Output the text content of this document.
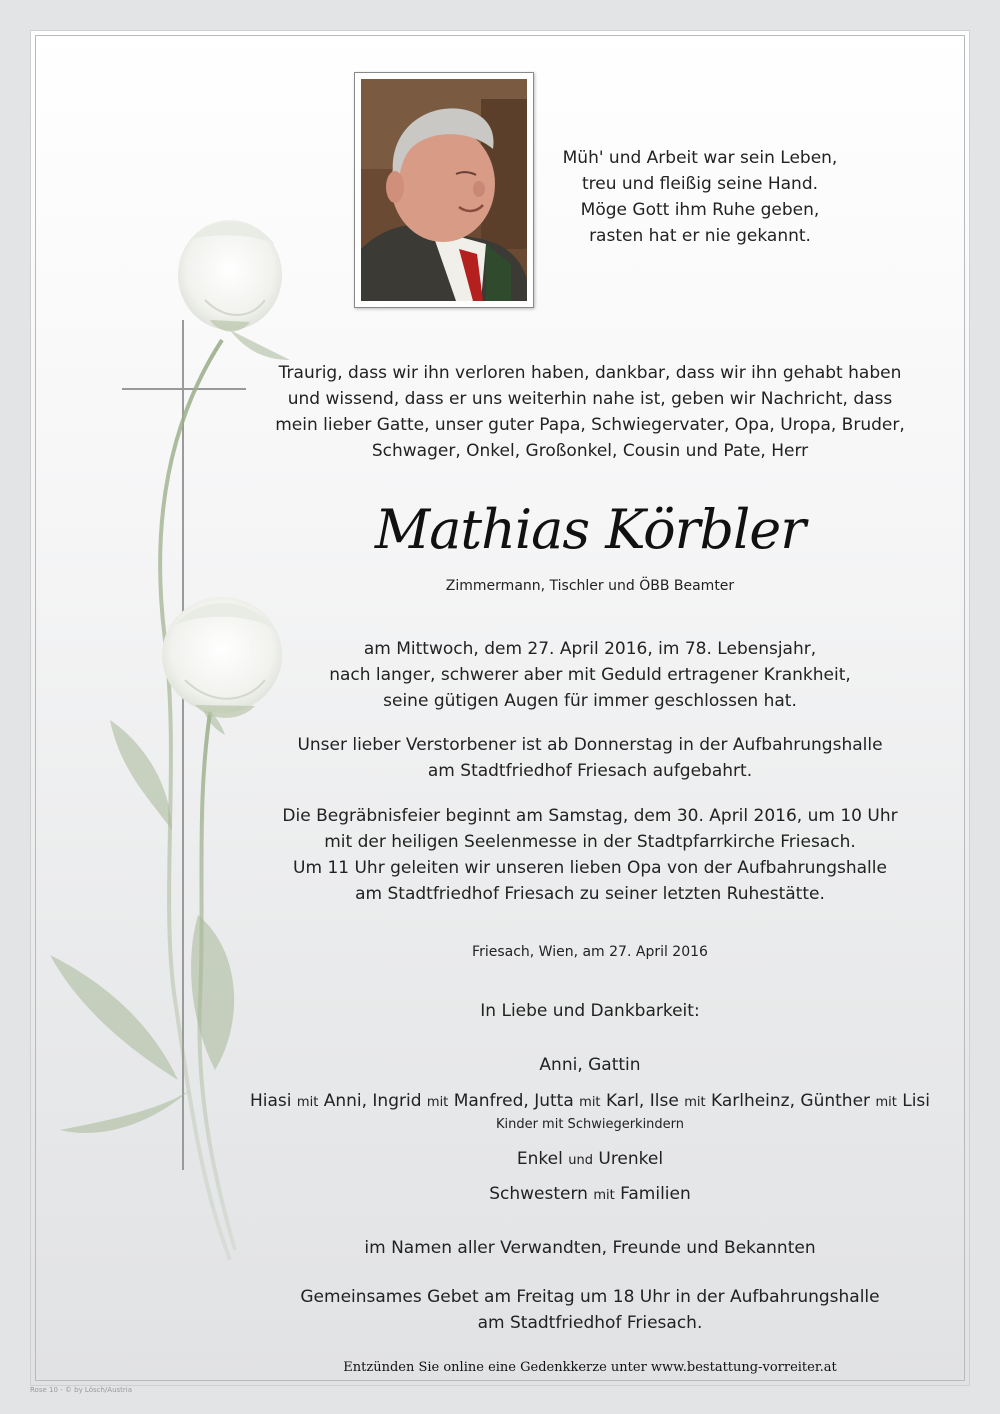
Müh' und Arbeit war sein Leben,
treu und fleißig seine Hand.
Möge Gott ihm Ruhe geben,
rasten hat er nie gekannt.
Traurig, dass wir ihn verloren haben, dankbar, dass wir ihn gehabt haben
und wissend, dass er uns weiterhin nahe ist, geben wir Nachricht, dass
mein lieber Gatte, unser guter Papa, Schwiegervater, Opa, Uropa, Bruder,
Schwager, Onkel, Großonkel, Cousin und Pate, Herr
Mathias Körbler
Zimmermann, Tischler und ÖBB Beamter
am Mittwoch, dem 27. April 2016, im 78. Lebensjahr,
nach langer, schwerer aber mit Geduld ertragener Krankheit,
seine gütigen Augen für immer geschlossen hat.
Unser lieber Verstorbener ist ab Donnerstag in der Aufbahrungshalle
am Stadtfriedhof Friesach aufgebahrt.
Die Begräbnisfeier beginnt am Samstag, dem 30. April 2016, um 10 Uhr
mit der heiligen Seelenmesse in der Stadtpfarrkirche Friesach.
Um 11 Uhr geleiten wir unseren lieben Opa von der Aufbahrungshalle
am Stadtfriedhof Friesach zu seiner letzten Ruhestätte.
Friesach, Wien, am 27. April 2016
In Liebe und Dankbarkeit:
Anni, Gattin
Hiasi mit Anni, Ingrid mit Manfred, Jutta mit Karl, Ilse mit Karlheinz, Günther mit Lisi
Kinder mit Schwiegerkindern
Enkel und Urenkel
Schwestern mit Familien
im Namen aller Verwandten, Freunde und Bekannten
Gemeinsames Gebet am Freitag um 18 Uhr in der Aufbahrungshalle
am Stadtfriedhof Friesach.
Entzünden Sie online eine Gedenkkerze unter www.bestattung-vorreiter.at
Rose 10 - © by Lösch/Austria
